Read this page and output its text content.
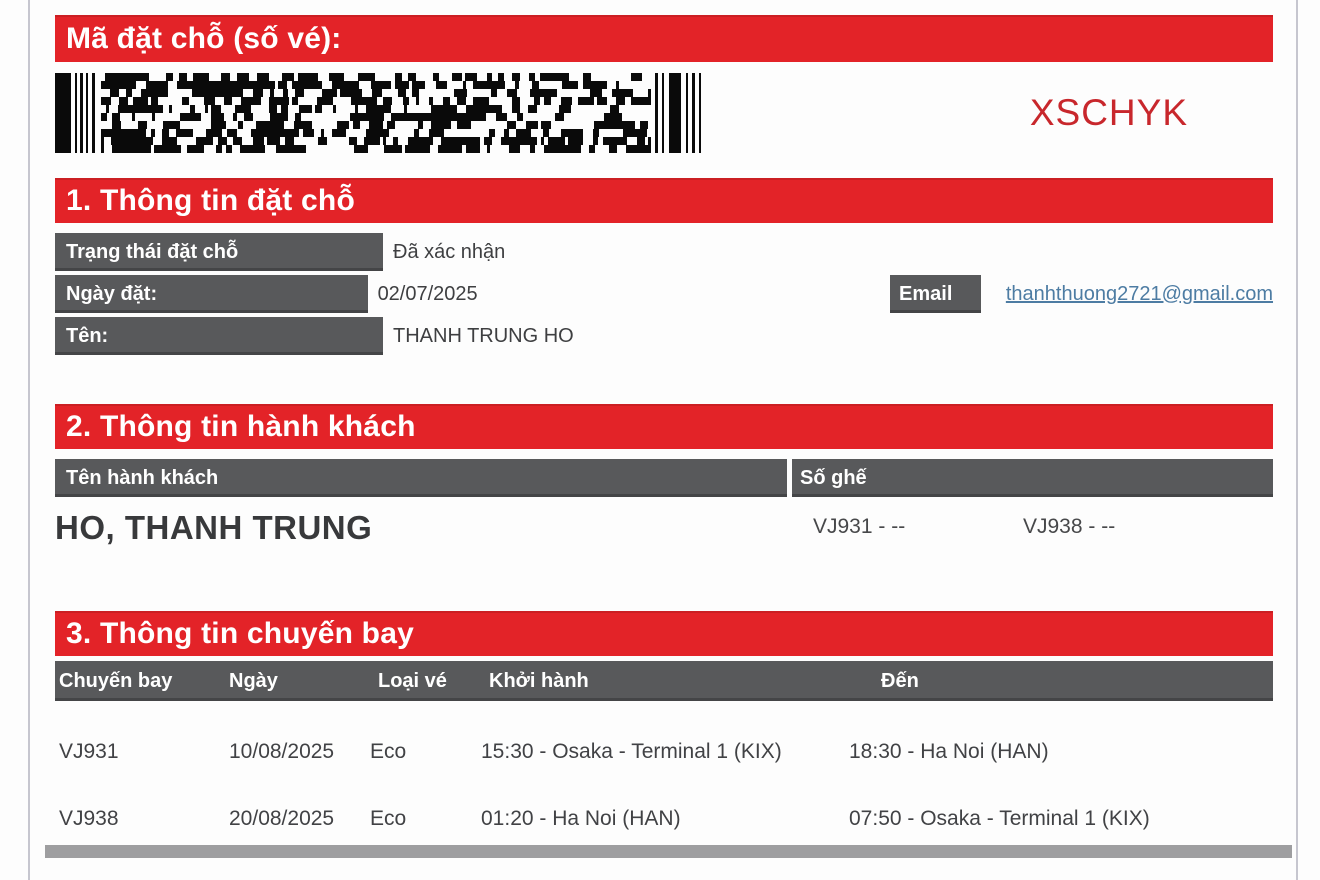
Mã đặt chỗ (số vé):
XSCHYK
1. Thông tin đặt chỗ
Trạng thái đặt chỗ	Đã xác nhận
Ngày đặt:	02/07/2025	Email	thanhthuong2721@gmail.com
Tên:	THANH TRUNG HO
2. Thông tin hành khách
Tên hành khách	Số ghế
HO, THANH TRUNG	VJ931 - --	VJ938 - --
3. Thông tin chuyến bay
Chuyến bay	Ngày	Loại vé	Khởi hành	Đến
VJ931	10/08/2025	Eco	15:30 - Osaka - Terminal 1 (KIX)	18:30 - Ha Noi (HAN)
VJ938	20/08/2025	Eco	01:20 - Ha Noi (HAN)	07:50 - Osaka - Terminal 1 (KIX)
